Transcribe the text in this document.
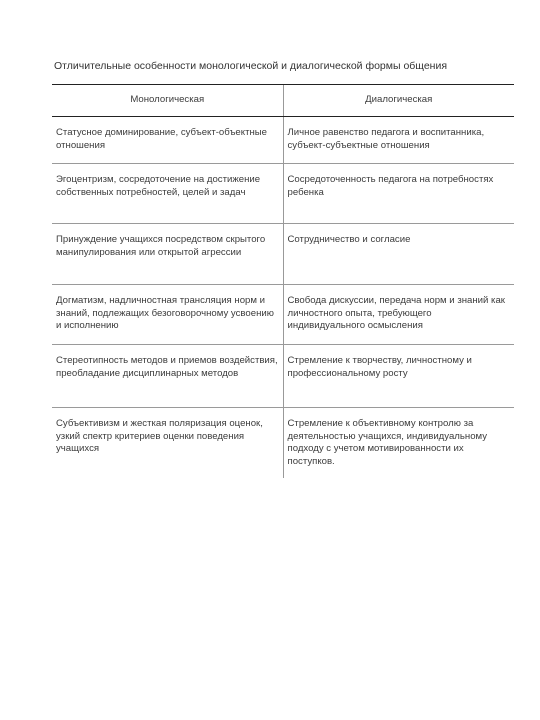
Отличительные особенности монологической и диалогической формы общения
Монологическая	Диалогическая

Статусное доминирование, субъект-объектные отношения	Личное равенство педагога и воспитанника, субъект-субъектные отношения

Эгоцентризм, сосредоточение на достижение собственных потребностей, целей и задач	Сосредоточенность педагога на потребностях ребенка

Принуждение учащихся посредством скрытого манипулирования или открытой агрессии	Сотрудничество и согласие

Догматизм, надличностная трансляция норм и знаний, подлежащих безоговорочному усвоению и исполнению	Свобода дискуссии, передача норм и знаний как личностного опыта, требующего индивидуального осмысления

Стереотипность методов и приемов воздействия, преобладание дисциплинарных методов	Стремление к творчеству, личностному и профессиональному росту

Субъективизм и жесткая поляризация оценок, узкий спектр критериев оценки поведения учащихся	Стремление к объективному контролю за деятельностью учащихся, индивидуальному подходу с учетом мотивированности их поступков.
